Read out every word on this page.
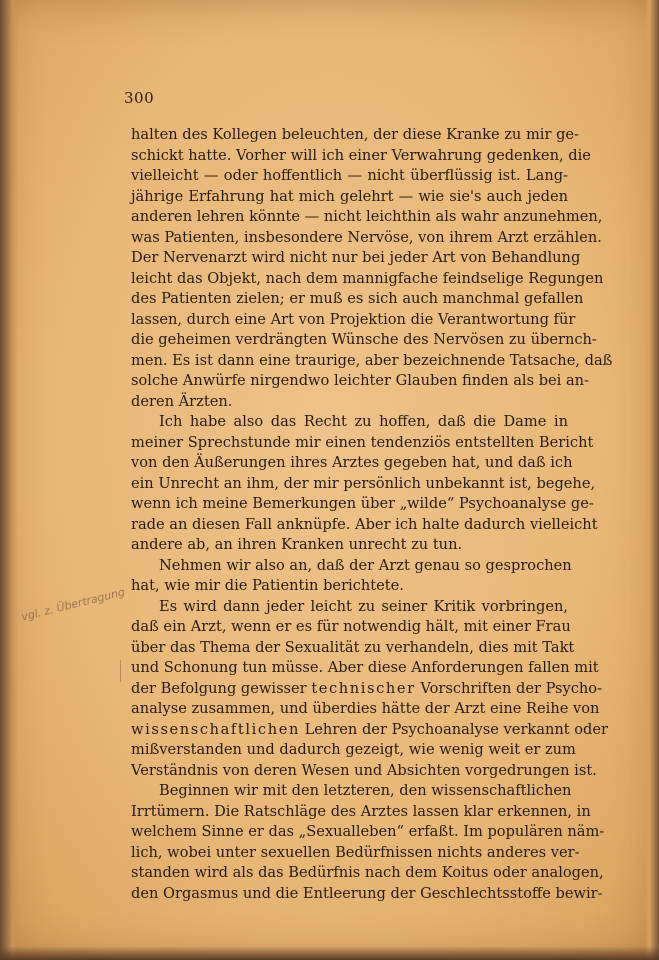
300
vgl. z. Übertragung
halten des Kollegen beleuchten, der diese Kranke zu mir ge-
schickt hatte. Vorher will ich einer Verwahrung gedenken, die
vielleicht — oder hoffentlich — nicht überflüssig ist. Lang-
jährige Erfahrung hat mich gelehrt — wie sie's auch jeden
anderen lehren könnte — nicht leichthin als wahr anzunehmen,
was Patienten, insbesondere Nervöse, von ihrem Arzt erzählen.
Der Nervenarzt wird nicht nur bei jeder Art von Behandlung
leicht das Objekt, nach dem mannigfache feindselige Regungen
des Patienten zielen; er muß es sich auch manchmal gefallen
lassen, durch eine Art von Projektion die Verantwortung für
die geheimen verdrängten Wünsche des Nervösen zu übernch-
men. Es ist dann eine traurige, aber bezeichnende Tatsache, daß
solche Anwürfe nirgendwo leichter Glauben finden als bei an-
deren Ärzten.
Ich habe also das Recht zu hoffen, daß die Dame in
meiner Sprechstunde mir einen tendenziös entstellten Bericht
von den Äußerungen ihres Arztes gegeben hat, und daß ich
ein Unrecht an ihm, der mir persönlich unbekannt ist, begehe,
wenn ich meine Bemerkungen über „wilde“ Psychoanalyse ge-
rade an diesen Fall anknüpfe. Aber ich halte dadurch vielleicht
andere ab, an ihren Kranken unrecht zu tun.
Nehmen wir also an, daß der Arzt genau so gesprochen
hat, wie mir die Patientin berichtete.
Es wird dann jeder leicht zu seiner Kritik vorbringen,
daß ein Arzt, wenn er es für notwendig hält, mit einer Frau
über das Thema der Sexualität zu verhandeln, dies mit Takt
und Schonung tun müsse. Aber diese Anforderungen fallen mit
der Befolgung gewisser technischer Vorschriften der Psycho-
analyse zusammen, und überdies hätte der Arzt eine Reihe von
wissenschaftlichen Lehren der Psychoanalyse verkannt oder
mißverstanden und dadurch gezeigt, wie wenig weit er zum
Verständnis von deren Wesen und Absichten vorgedrungen ist.
Beginnen wir mit den letzteren, den wissenschaftlichen
Irrtümern. Die Ratschläge des Arztes lassen klar erkennen, in
welchem Sinne er das „Sexualleben“ erfaßt. Im populären näm-
lich, wobei unter sexuellen Bedürfnissen nichts anderes ver-
standen wird als das Bedürfnis nach dem Koitus oder analogen,
den Orgasmus und die Entleerung der Geschlechtsstoffe bewir-
